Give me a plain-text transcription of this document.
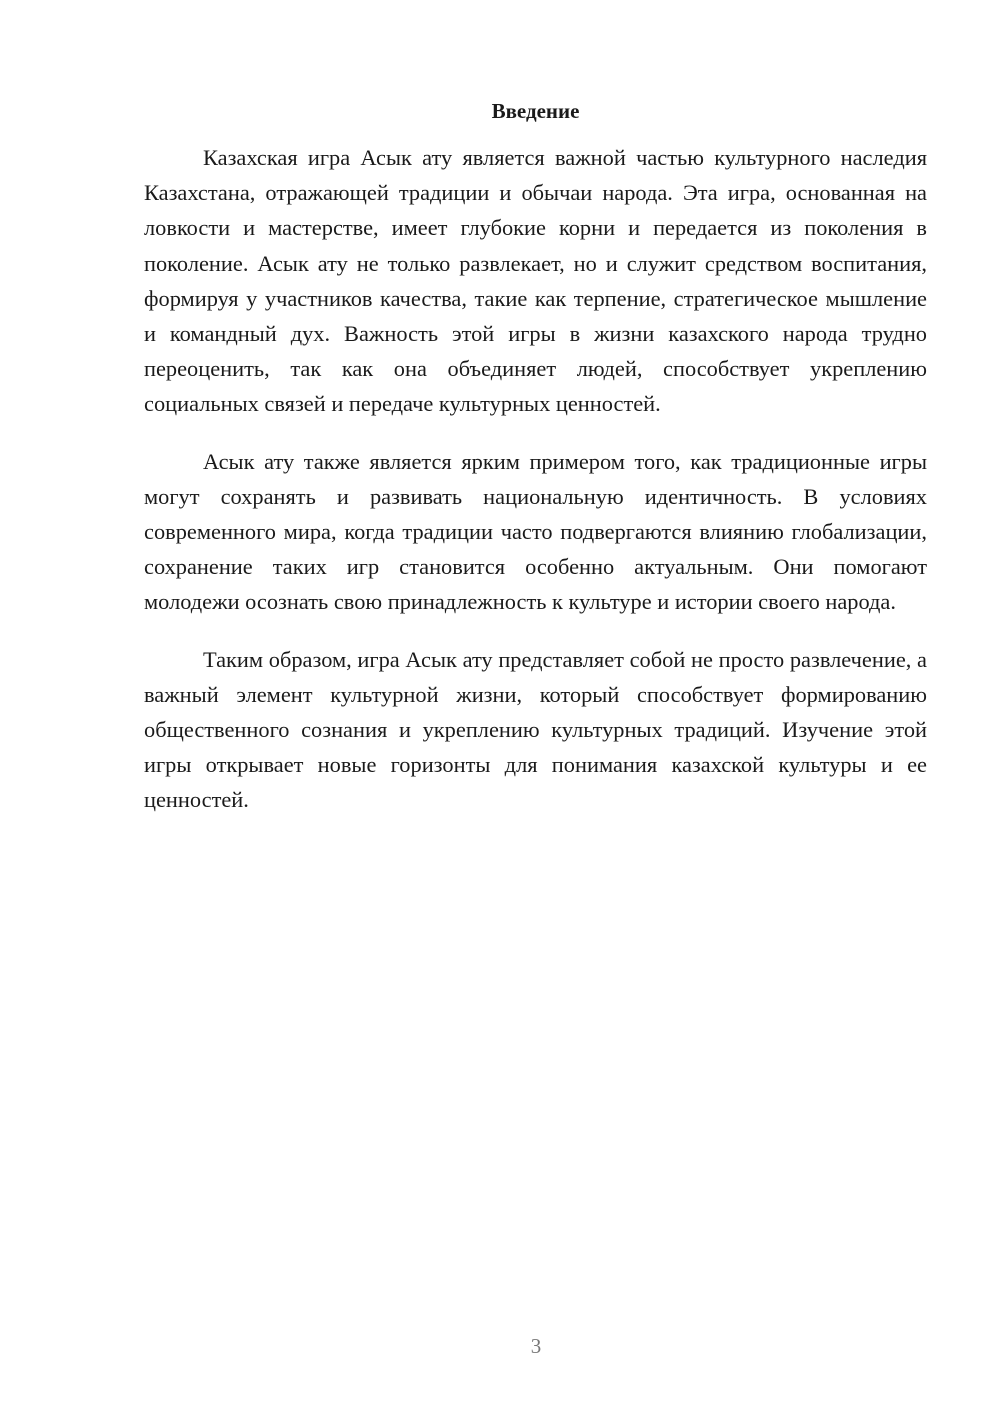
Введение

Казахская игра Асык ату является важной частью культурного наследия Казахстана, отражающей традиции и обычаи народа. Эта игра, основанная на ловкости и мастерстве, имеет глубокие корни и передается из поколения в поколение. Асык ату не только развлекает, но и служит средством воспитания, формируя у участников качества, такие как терпение, стратегическое мышление и командный дух. Важность этой игры в жизни казахского народа трудно переоценить, так как она объединяет людей, способствует укреплению социальных связей и передаче культурных ценностей.

Асык ату также является ярким примером того, как традиционные игры могут сохранять и развивать национальную идентичность. В условиях современного мира, когда традиции часто подвергаются влиянию глобализации, сохранение таких игр становится особенно актуальным. Они помогают молодежи осознать свою принадлежность к культуре и истории своего народа.

Таким образом, игра Асык ату представляет собой не просто развлечение, а важный элемент культурной жизни, который способствует формированию общественного сознания и укреплению культурных традиций. Изучение этой игры открывает новые горизонты для понимания казахской культуры и ее ценностей.

3
